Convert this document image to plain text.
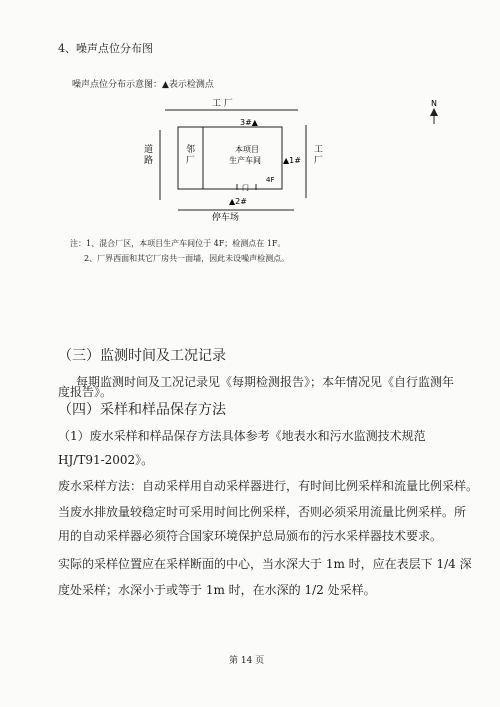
4、噪声点位分布图
噪声点位分布示意图：▲表示检测点
工 厂
道
路
邻
厂
本项目
生产车间
3#▲
▲1#
工
厂
4F
门
▲2#
停车场
N
注：1、混合厂区，本项目生产车间位于 4F；检测点在 1F。
2、厂界西面和其它厂房共一面墙，因此未设噪声检测点。
（三）监测时间及工况记录
每期监测时间及工况记录见《每期检测报告》；本年情况见《自行监测年
度报告》。
（四）采样和样品保存方法
（1）废水采样和样品保存方法具体参考《地表水和污水监测技术规范
HJ/T91-2002》。
废水采样方法：自动采样用自动采样器进行，有时间比例采样和流量比例采样。
当废水排放量较稳定时可采用时间比例采样，否则必须采用流量比例采样。所
用的自动采样器必须符合国家环境保护总局颁布的污水采样器技术要求。
实际的采样位置应在采样断面的中心，当水深大于 1m 时，应在表层下 1/4 深
度处采样；水深小于或等于 1m 时，在水深的 1/2 处采样。
第 14 页
